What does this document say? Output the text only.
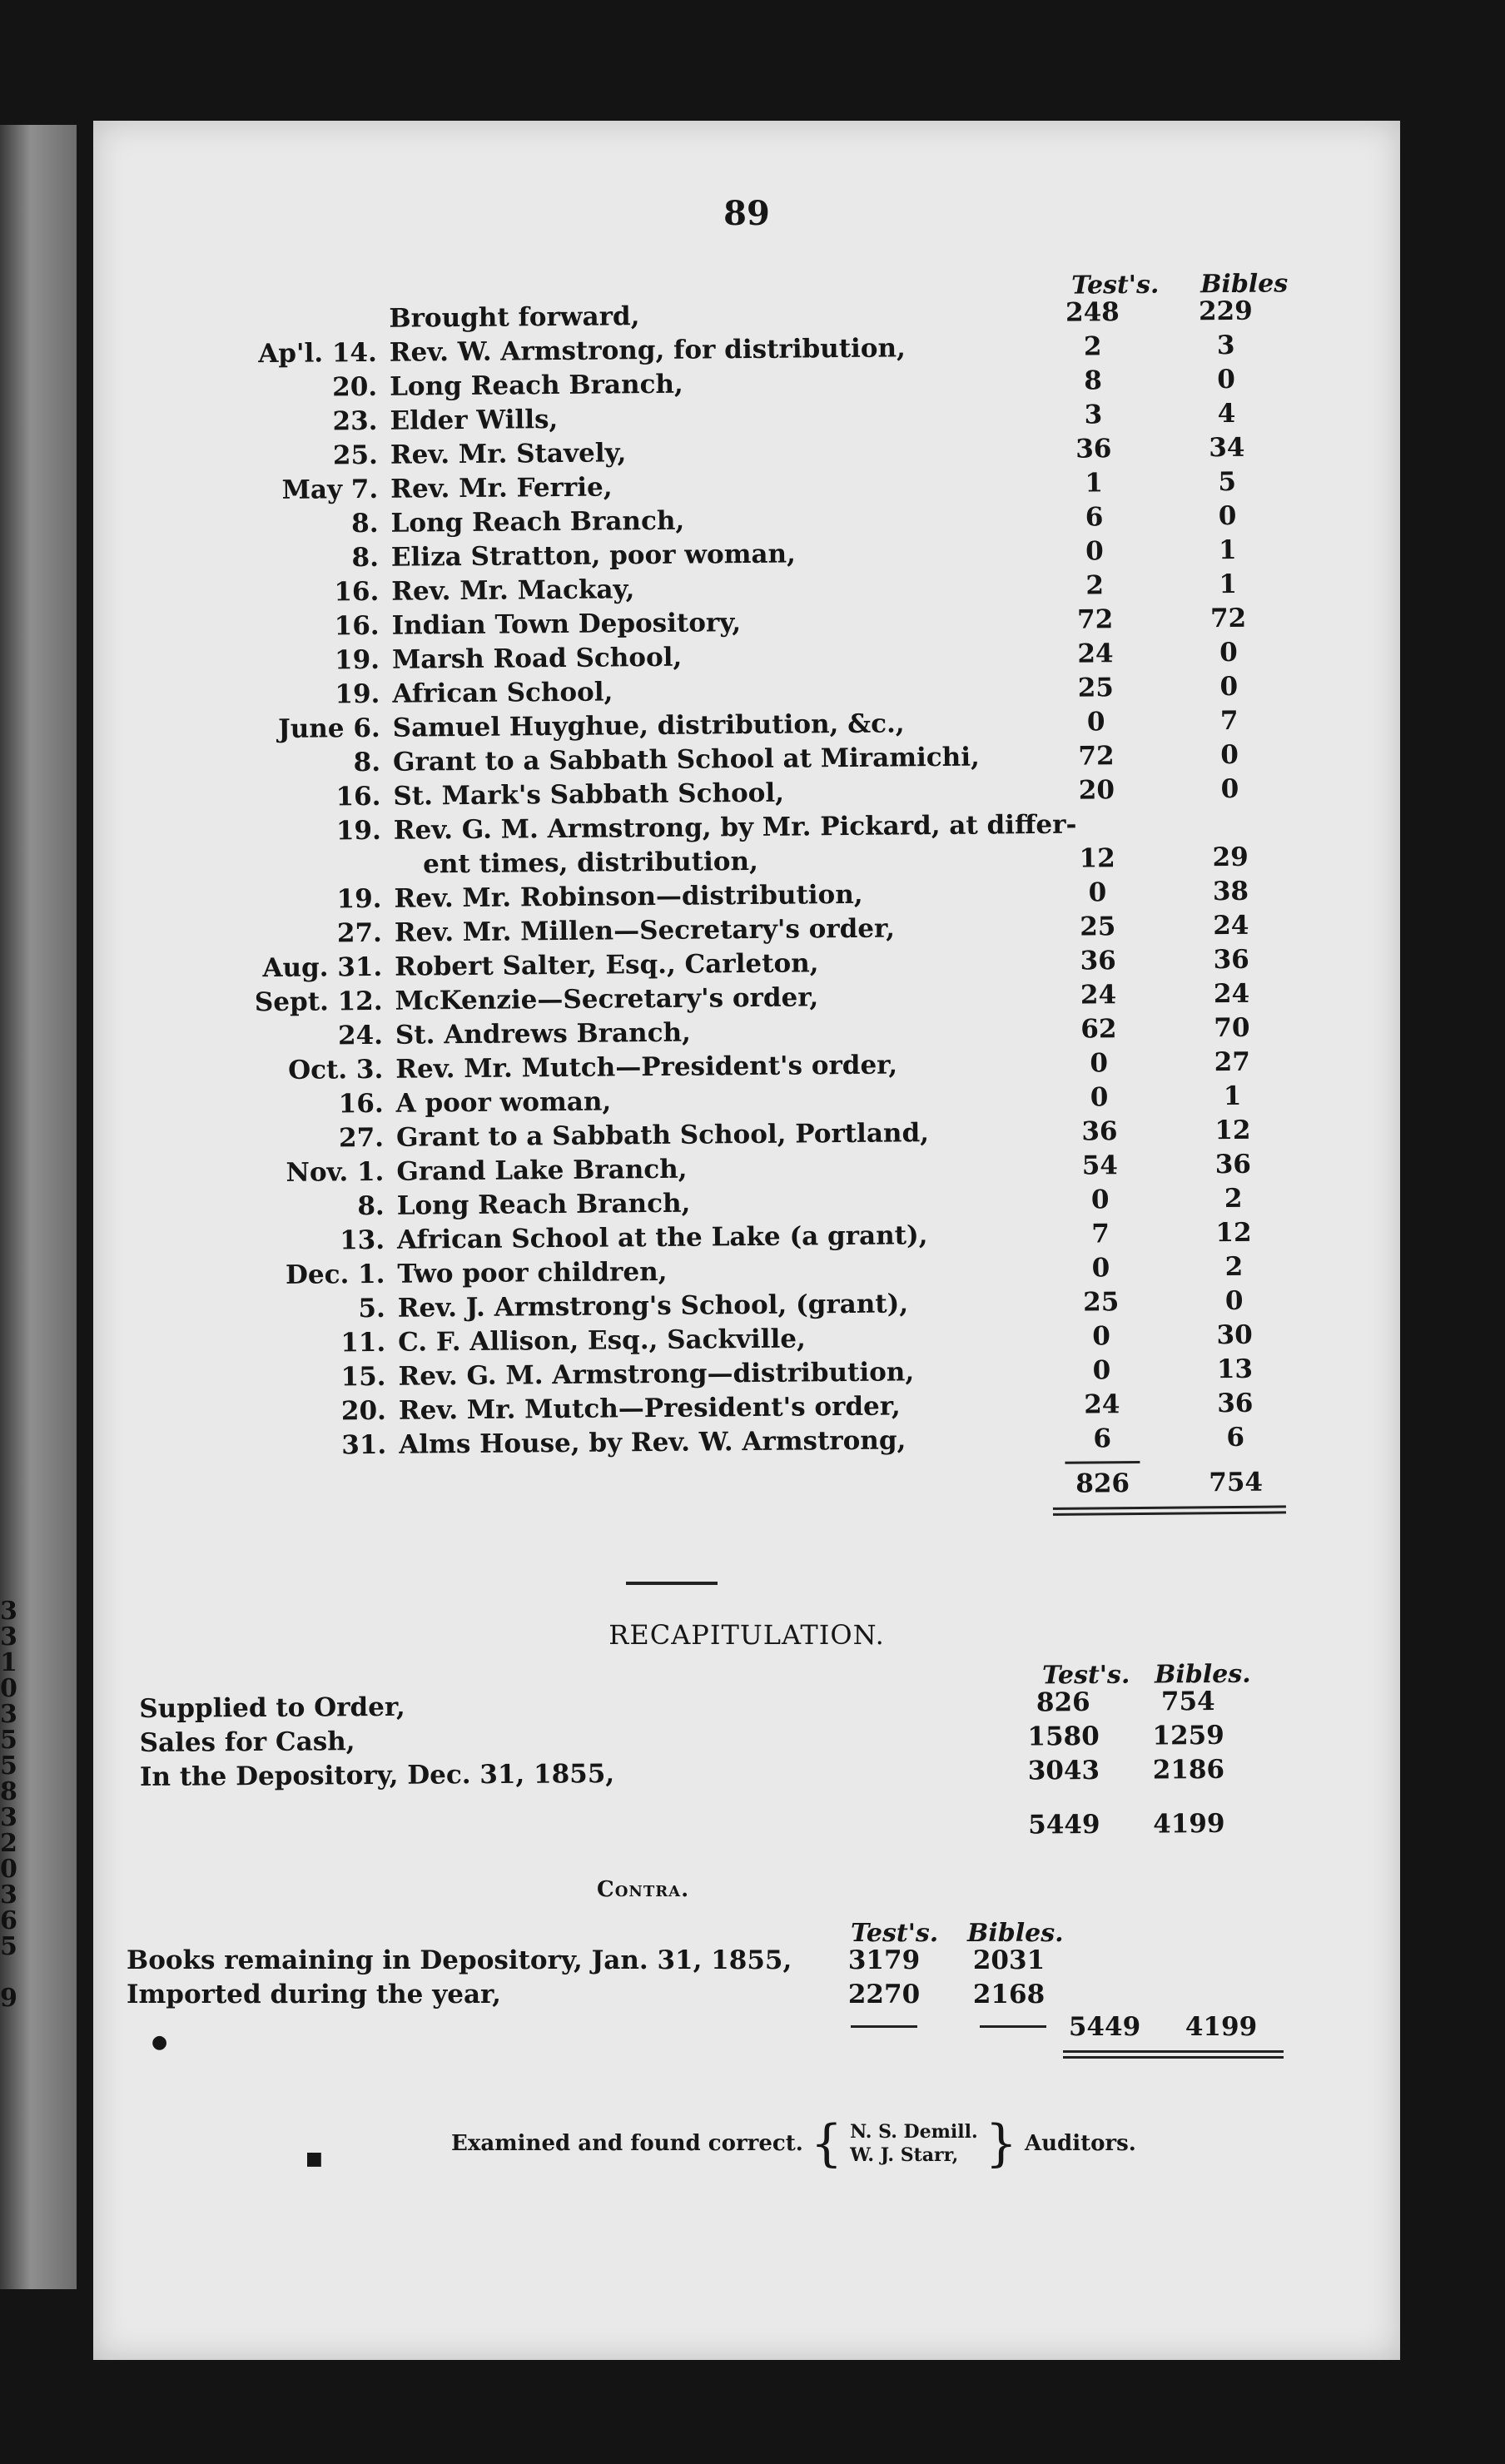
3
3
1
0
3
5
5
8
3
2
0
3
6
5
9
89
Test's. Bibles
Brought forward,	248	229
Ap'l. 14. Rev. W. Armstrong, for distribution,	2	3
20. Long Reach Branch,	8	0
23. Elder Wills,	3	4
25. Rev. Mr. Stavely,	36	34
May 7. Rev. Mr. Ferrie,	1	5
8. Long Reach Branch,	6	0
8. Eliza Stratton, poor woman,	0	1
16. Rev. Mr. Mackay,	2	1
16. Indian Town Depository,	72	72
19. Marsh Road School,	24	0
19. African School,	25	0
June 6. Samuel Huyghue, distribution, &c.,	0	7
8. Grant to a Sabbath School at Miramichi,	72	0
16. St. Mark's Sabbath School,	20	0
19. Rev. G. M. Armstrong, by Mr. Pickard, at differ-
ent times, distribution,	12	29
19. Rev. Mr. Robinson—distribution,	0	38
27. Rev. Mr. Millen—Secretary's order,	25	24
Aug. 31. Robert Salter, Esq., Carleton,	36	36
Sept. 12. McKenzie—Secretary's order,	24	24
24. St. Andrews Branch,	62	70
Oct. 3. Rev. Mr. Mutch—President's order,	0	27
16. A poor woman,	0	1
27. Grant to a Sabbath School, Portland,	36	12
Nov. 1. Grand Lake Branch,	54	36
8. Long Reach Branch,	0	2
13. African School at the Lake (a grant),	7	12
Dec. 1. Two poor children,	0	2
5. Rev. J. Armstrong's School, (grant),	25	0
11. C. F. Allison, Esq., Sackville,	0	30
15. Rev. G. M. Armstrong—distribution,	0	13
20. Rev. Mr. Mutch—President's order,	24	36
31. Alms House, by Rev. W. Armstrong,	6	6
826	754
RECAPITULATION.
Test's. Bibles.
Supplied to Order,	826	754
Sales for Cash,	1580	1259
In the Depository, Dec. 31, 1855,	3043	2186
5449	4199
Contra.
Test's. Bibles.
Books remaining in Depository, Jan. 31, 1855,	3179	2031
Imported during the year,	2270	2168
5449	4199
Examined and found correct. { N. S. Demill.
W. J. Starr, } Auditors.
■
●
